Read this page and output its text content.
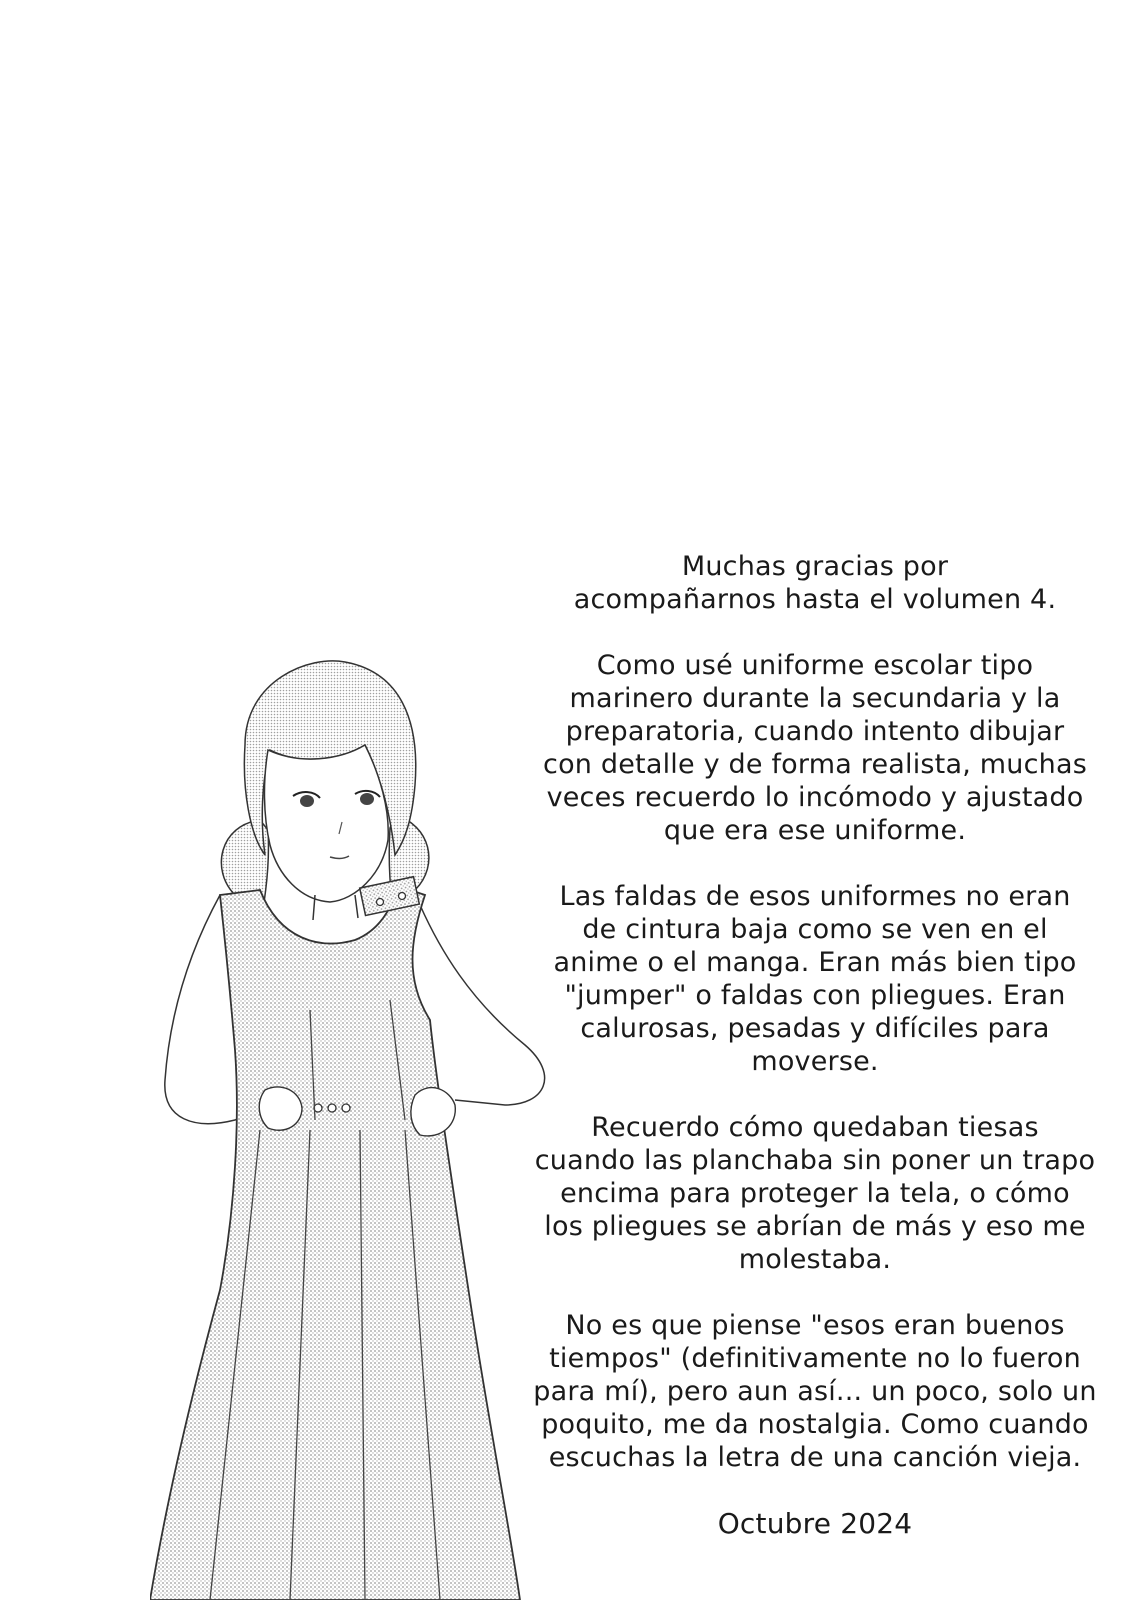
Muchas gracias por
acompañarnos hasta el volumen 4.

Como usé uniforme escolar tipo
marinero durante la secundaria y la
preparatoria, cuando intento dibujar
con detalle y de forma realista, muchas
veces recuerdo lo incómodo y ajustado
que era ese uniforme.

Las faldas de esos uniformes no eran
de cintura baja como se ven en el
anime o el manga. Eran más bien tipo
"jumper" o faldas con pliegues. Eran
calurosas, pesadas y difíciles para
moverse.

Recuerdo cómo quedaban tiesas
cuando las planchaba sin poner un trapo
encima para proteger la tela, o cómo
los pliegues se abrían de más y eso me
molestaba.

No es que piense "esos eran buenos
tiempos" (definitivamente no lo fueron
para mí), pero aun así... un poco, solo un
poquito, me da nostalgia. Como cuando
escuchas la letra de una canción vieja.

Octubre 2024
